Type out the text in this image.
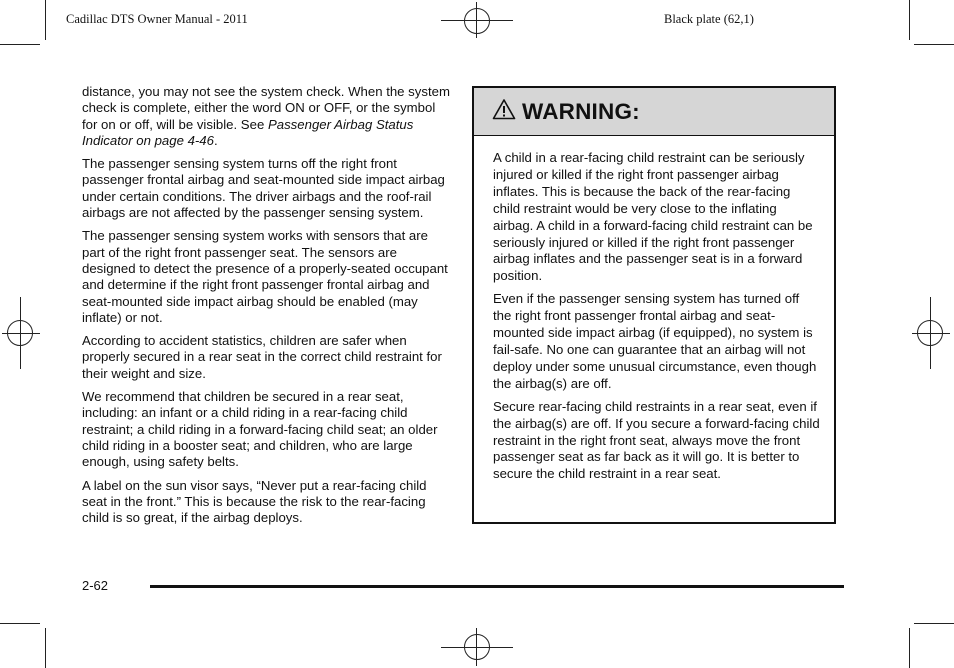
Cadillac DTS Owner Manual - 2011	Black plate (62,1)

distance, you may not see the system check. When the system check is complete, either the word ON or OFF, or the symbol for on or off, will be visible. See Passenger Airbag Status Indicator on page 4‑46.

The passenger sensing system turns off the right front passenger frontal airbag and seat-mounted side impact airbag under certain conditions. The driver airbags and the roof-rail airbags are not affected by the passenger sensing system.

The passenger sensing system works with sensors that are part of the right front passenger seat. The sensors are designed to detect the presence of a properly-seated occupant and determine if the right front passenger frontal airbag and seat-mounted side impact airbag should be enabled (may inflate) or not.

According to accident statistics, children are safer when properly secured in a rear seat in the correct child restraint for their weight and size.

We recommend that children be secured in a rear seat, including: an infant or a child riding in a rear-facing child restraint; a child riding in a forward-facing child seat; an older child riding in a booster seat; and children, who are large enough, using safety belts.

A label on the sun visor says, “Never put a rear-facing child seat in the front.” This is because the risk to the rear-facing child is so great, if the airbag deploys.

WARNING:

A child in a rear-facing child restraint can be seriously injured or killed if the right front passenger airbag inflates. This is because the back of the rear-facing child restraint would be very close to the inflating airbag. A child in a forward-facing child restraint can be seriously injured or killed if the right front passenger airbag inflates and the passenger seat is in a forward position.

Even if the passenger sensing system has turned off the right front passenger frontal airbag and seat-mounted side impact airbag (if equipped), no system is fail-safe. No one can guarantee that an airbag will not deploy under some unusual circumstance, even though the airbag(s) are off.

Secure rear-facing child restraints in a rear seat, even if the airbag(s) are off. If you secure a forward-facing child restraint in the right front seat, always move the front passenger seat as far back as it will go. It is better to secure the child restraint in a rear seat.

2-62
